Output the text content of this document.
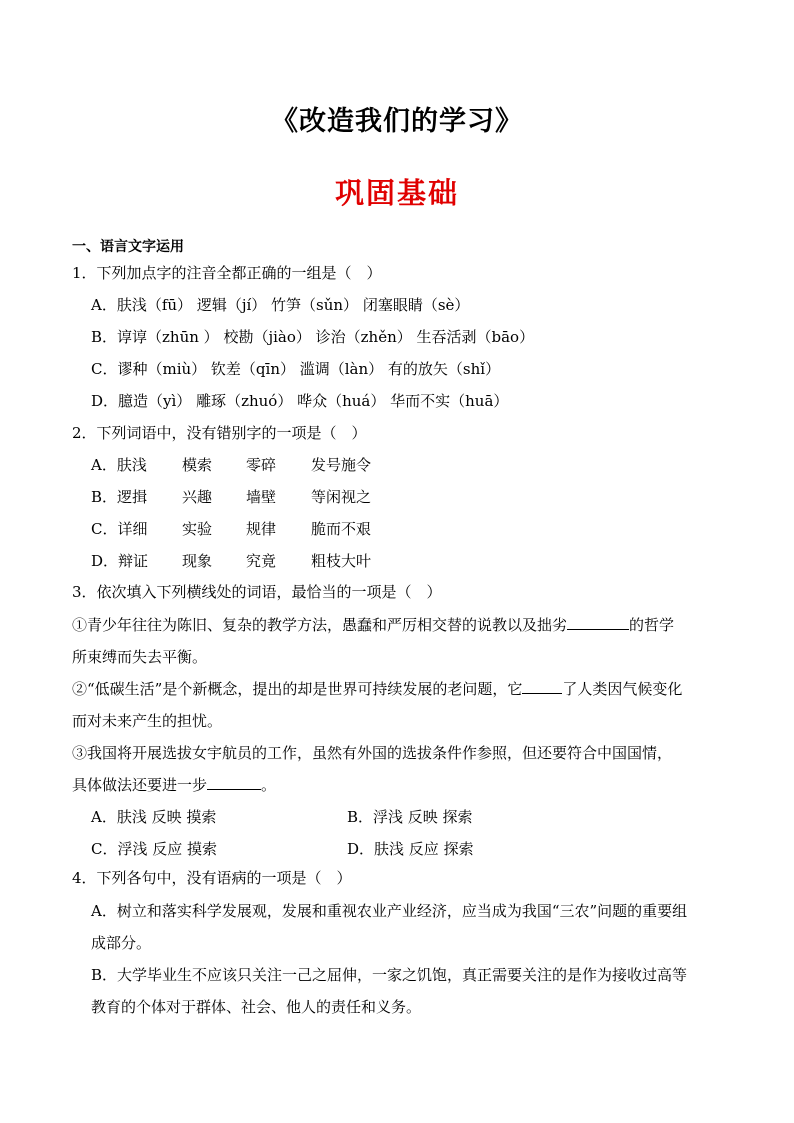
《改造我们的学习》
巩固基础
一、语言文字运用
1．下列加点字的注音全都正确的一组是（　）
A．肤浅（fū） 逻辑（jí） 竹笋（sǔn） 闭塞眼睛（sè）
B．谆谆（zhūn ） 校勘（jiào） 诊治（zhěn） 生吞活剥（bāo）
C．谬种（miù） 钦差（qīn） 滥调（làn） 有的放矢（shǐ）
D．臆造（yì） 雕琢（zhuó） 哗众（huá） 华而不实（huā）
2．下列词语中，没有错别字的一项是（　）
A．肤浅 模索 零碎 发号施令
B．逻揖 兴趣 墙壁 等闲视之
C．详细 实验 规律 脆而不艰
D．辩证 现象 究竟 粗枝大叶
3．依次填入下列横线处的词语，最恰当的一项是（　）
①青少年往往为陈旧、复杂的教学方法，愚蠢和严厉相交替的说教以及拙劣	的哲学
所束缚而失去平衡。
②“低碳生活”是个新概念，提出的却是世界可持续发展的老问题，它	了人类因气候变化
而对未来产生的担忧。
③我国将开展选拔女宇航员的工作，虽然有外国的选拔条件作参照，但还要符合中国国情，
具体做法还要进一步	。
A．肤浅 反映 摸索	B．浮浅 反映 探索
C．浮浅 反应 摸索	D．肤浅 反应 探索
4．下列各句中，没有语病的一项是（　）
A．树立和落实科学发展观，发展和重视农业产业经济，应当成为我国“三农”问题的重要组
成部分。
B．大学毕业生不应该只关注一己之屈伸，一家之饥饱，真正需要关注的是作为接收过高等
教育的个体对于群体、社会、他人的责任和义务。
